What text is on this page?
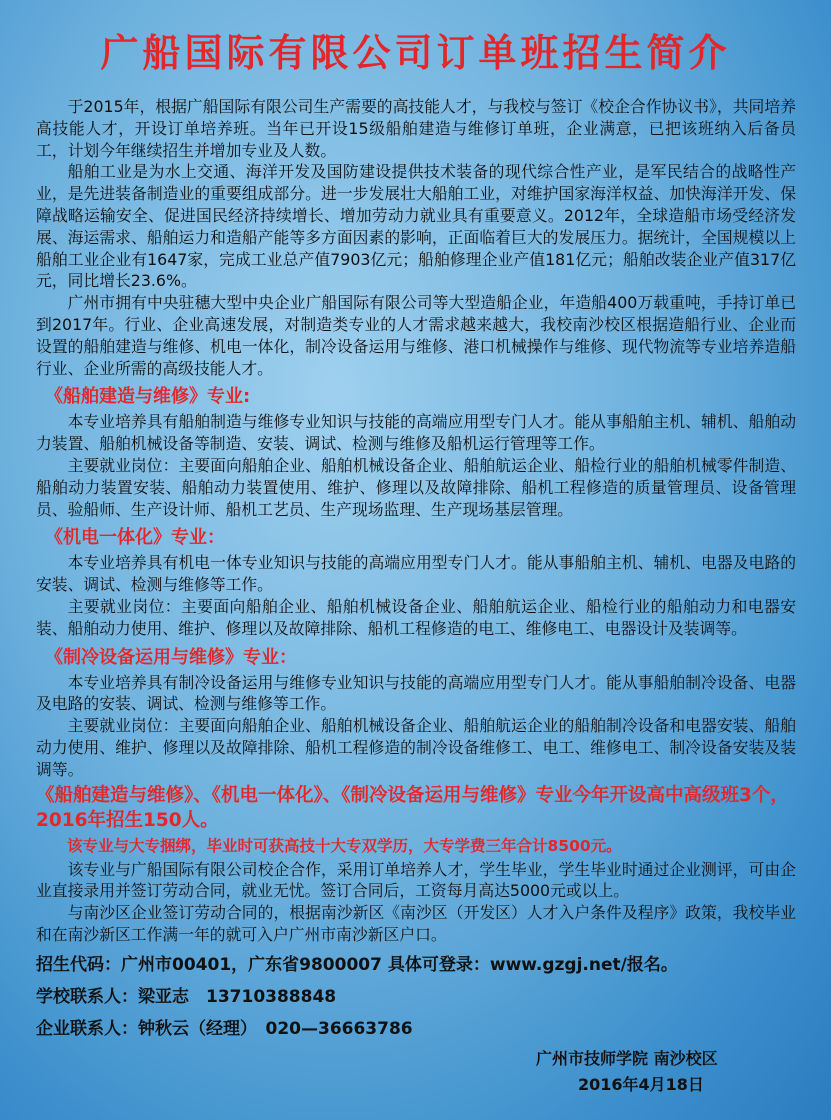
广船国际有限公司订单班招生简介

于2015年，根据广船国际有限公司生产需要的高技能人才，与我校与签订《校企合作协议书》，共同培养高技能人才，开设订单培养班。当年已开设15级船舶建造与维修订单班，企业满意，已把该班纳入后备员工，计划今年继续招生并增加专业及人数。

船舶工业是为水上交通、海洋开发及国防建设提供技术装备的现代综合性产业，是军民结合的战略性产业，是先进装备制造业的重要组成部分。进一步发展壮大船舶工业，对维护国家海洋权益、加快海洋开发、保障战略运输安全、促进国民经济持续增长、增加劳动力就业具有重要意义。2012年，全球造船市场受经济发展、海运需求、船舶运力和造船产能等多方面因素的影响，正面临着巨大的发展压力。据统计，全国规模以上船舶工业企业有1647家，完成工业总产值7903亿元；船舶修理企业产值181亿元；船舶改装企业产值317亿元，同比增长23.6%。

广州市拥有中央驻穗大型中央企业广船国际有限公司等大型造船企业，年造船400万载重吨，手持订单已到2017年。行业、企业高速发展，对制造类专业的人才需求越来越大，我校南沙校区根据造船行业、企业而设置的船舶建造与维修、机电一体化，制冷设备运用与维修、港口机械操作与维修、现代物流等专业培养造船行业、企业所需的高级技能人才。

《船舶建造与维修》专业:

本专业培养具有船舶制造与维修专业知识与技能的高端应用型专门人才。能从事船舶主机、辅机、船舶动力装置、船舶机械设备等制造、安装、调试、检测与维修及船机运行管理等工作。

主要就业岗位：主要面向船舶企业、船舶机械设备企业、船舶航运企业、船检行业的船舶机械零件制造、船舶动力装置安装、船舶动力装置使用、维护、修理以及故障排除、船机工程修造的质量管理员、设备管理员、验船师、生产设计师、船机工艺员、生产现场监理、生产现场基层管理。

《机电一体化》专业：

本专业培养具有机电一体专业知识与技能的高端应用型专门人才。能从事船舶主机、辅机、电器及电路的安装、调试、检测与维修等工作。

主要就业岗位：主要面向船舶企业、船舶机械设备企业、船舶航运企业、船检行业的船舶动力和电器安装、船舶动力使用、维护、修理以及故障排除、船机工程修造的电工、维修电工、电器设计及装调等。

《制冷设备运用与维修》专业：

本专业培养具有制冷设备运用与维修专业知识与技能的高端应用型专门人才。能从事船舶制冷设备、电器及电路的安装、调试、检测与维修等工作。

主要就业岗位：主要面向船舶企业、船舶机械设备企业、船舶航运企业的船舶制冷设备和电器安装、船舶动力使用、维护、修理以及故障排除、船机工程修造的制冷设备维修工、电工、维修电工、制冷设备安装及装调等。

《船舶建造与维修》、《机电一体化》、《制冷设备运用与维修》专业今年开设高中高级班3个，2016年招生150人。

该专业与大专捆绑，毕业时可获高技十大专双学历，大专学费三年合计8500元。

该专业与广船国际有限公司校企合作，采用订单培养人才，学生毕业，学生毕业时通过企业测评，可由企业直接录用并签订劳动合同，就业无忧。签订合同后，工资每月高达5000元或以上。

与南沙区企业签订劳动合同的，根据南沙新区《南沙区（开发区）人才入户条件及程序》政策，我校毕业和在南沙新区工作满一年的就可入户广州市南沙新区户口。

招生代码：广州市00401，广东省9800007 具体可登录：www.gzgj.net/报名。
学校联系人：梁亚志　13710388848
企业联系人：钟秋云（经理）　020—36663786
广州市技师学院 南沙校区
2016年4月18日
